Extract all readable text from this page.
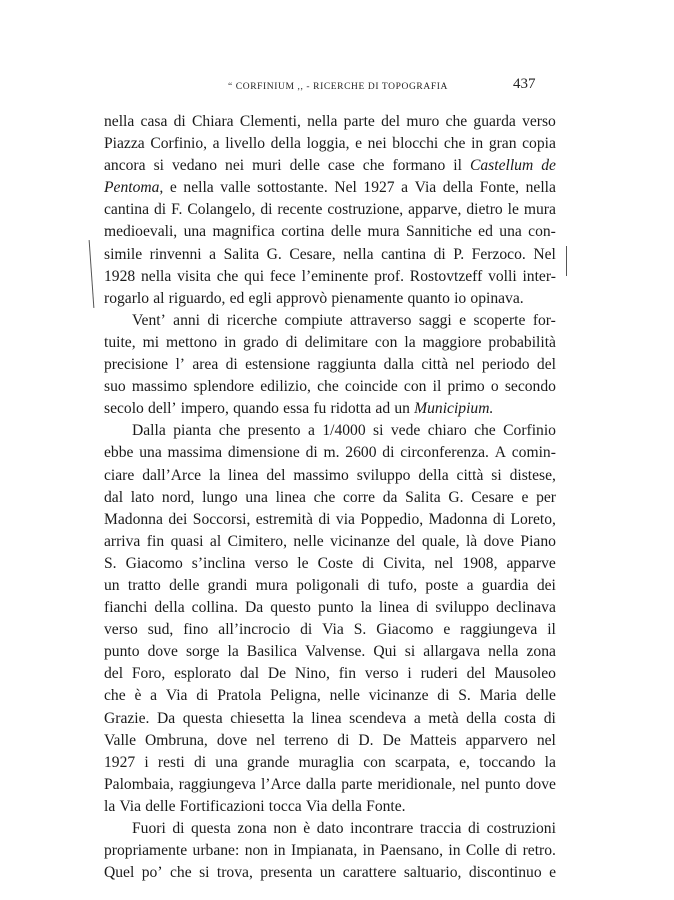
“ CORFINIUM ,, - RICERCHE DI TOPOGRAFIA	437
nella casa di Chiara Clementi, nella parte del muro che guarda verso
Piazza Corfinio, a livello della loggia, e nei blocchi che in gran copia
ancora si vedano nei muri delle case che formano il Castellum de
Pentoma, e nella valle sottostante. Nel 1927 a Via della Fonte, nella
cantina di F. Colangelo, di recente costruzione, apparve, dietro le mura
medioevali, una magnifica cortina delle mura Sannitiche ed una con-
simile rinvenni a Salita G. Cesare, nella cantina di P. Ferzoco. Nel
1928 nella visita che qui fece l’eminente prof. Rostovtzeff volli inter-
rogarlo al riguardo, ed egli approvò pienamente quanto io opinava.
Vent’ anni di ricerche compiute attraverso saggi e scoperte for-
tuite, mi mettono in grado di delimitare con la maggiore probabilità
precisione l’ area di estensione raggiunta dalla città nel periodo del
suo massimo splendore edilizio, che coincide con il primo o secondo
secolo dell’ impero, quando essa fu ridotta ad un Municipium.
Dalla pianta che presento a 1/4000 si vede chiaro che Corfinio
ebbe una massima dimensione di m. 2600 di circonferenza. A comin-
ciare dall’Arce la linea del massimo sviluppo della città si distese,
dal lato nord, lungo una linea che corre da Salita G. Cesare e per
Madonna dei Soccorsi, estremità di via Poppedio, Madonna di Loreto,
arriva fin quasi al Cimitero, nelle vicinanze del quale, là dove Piano
S. Giacomo s’inclina verso le Coste di Civita, nel 1908, apparve
un tratto delle grandi mura poligonali di tufo, poste a guardia dei
fianchi della collina. Da questo punto la linea di sviluppo declinava
verso sud, fino all’incrocio di Via S. Giacomo e raggiungeva il
punto dove sorge la Basilica Valvense. Qui si allargava nella zona
del Foro, esplorato dal De Nino, fin verso i ruderi del Mausoleo
che è a Via di Pratola Peligna, nelle vicinanze di S. Maria delle
Grazie. Da questa chiesetta la linea scendeva a metà della costa di
Valle Ombruna, dove nel terreno di D. De Matteis apparvero nel
1927 i resti di una grande muraglia con scarpata, e, toccando la
Palombaia, raggiungeva l’Arce dalla parte meridionale, nel punto dove
la Via delle Fortificazioni tocca Via della Fonte.
Fuori di questa zona non è dato incontrare traccia di costruzioni
propriamente urbane: non in Impianata, in Paensano, in Colle di retro.
Quel po’ che si trova, presenta un carattere saltuario, discontinuo e
